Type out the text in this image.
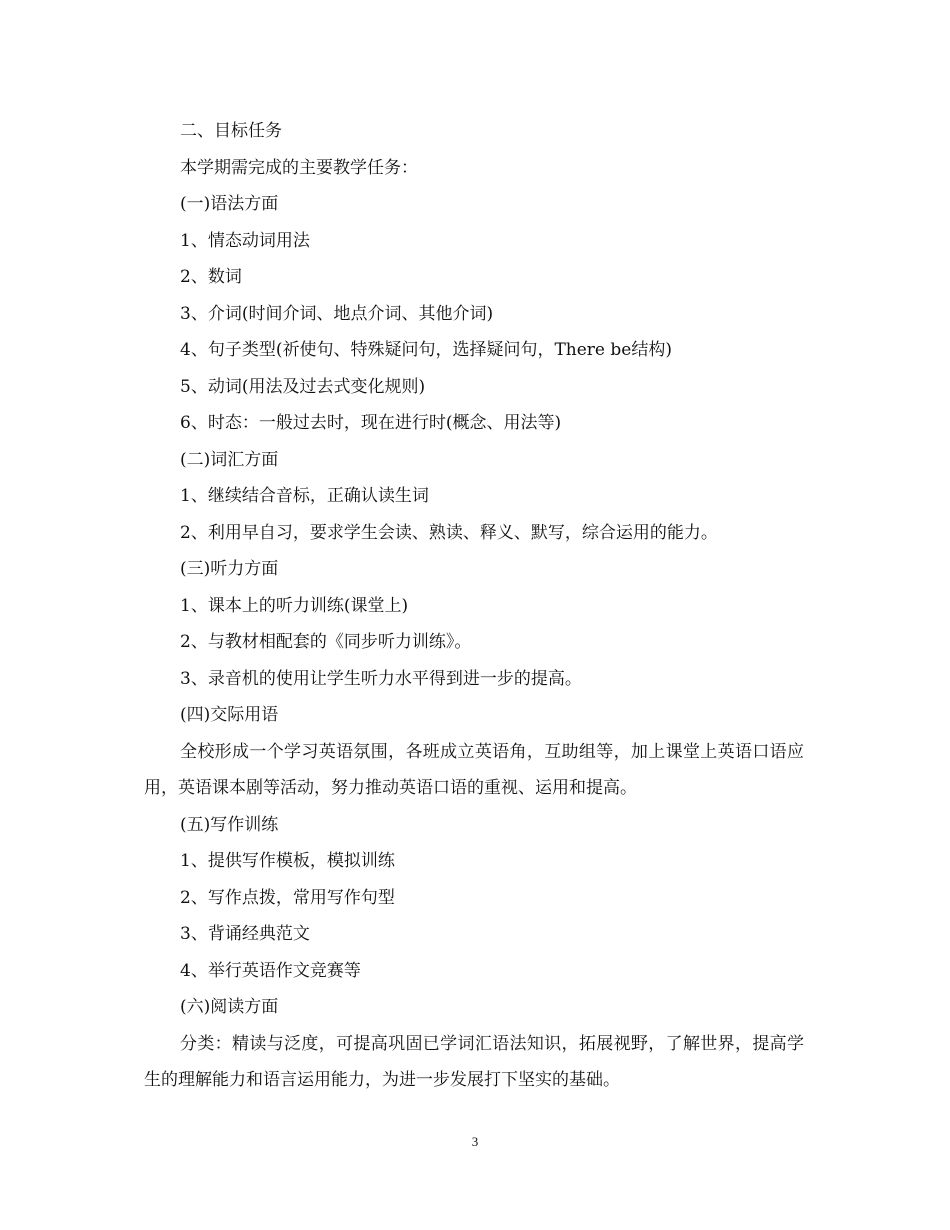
二、目标任务
本学期需完成的主要教学任务：
(一)语法方面
1、情态动词用法
2、数词
3、介词(时间介词、地点介词、其他介词)
4、句子类型(祈使句、特殊疑问句，选择疑问句，There be结构)
5、动词(用法及过去式变化规则)
6、时态：一般过去时，现在进行时(概念、用法等)
(二)词汇方面
1、继续结合音标，正确认读生词
2、利用早自习，要求学生会读、熟读、释义、默写，综合运用的能力。
(三)听力方面
1、课本上的听力训练(课堂上)
2、与教材相配套的《同步听力训练》。
3、录音机的使用让学生听力水平得到进一步的提高。
(四)交际用语
全校形成一个学习英语氛围，各班成立英语角，互助组等，加上课堂上英语口语应用，英语课本剧等活动，努力推动英语口语的重视、运用和提高。
(五)写作训练
1、提供写作模板，模拟训练
2、写作点拨，常用写作句型
3、背诵经典范文
4、举行英语作文竞赛等
(六)阅读方面
分类：精读与泛度，可提高巩固已学词汇语法知识，拓展视野，了解世界，提高学生的理解能力和语言运用能力，为进一步发展打下坚实的基础。
3
